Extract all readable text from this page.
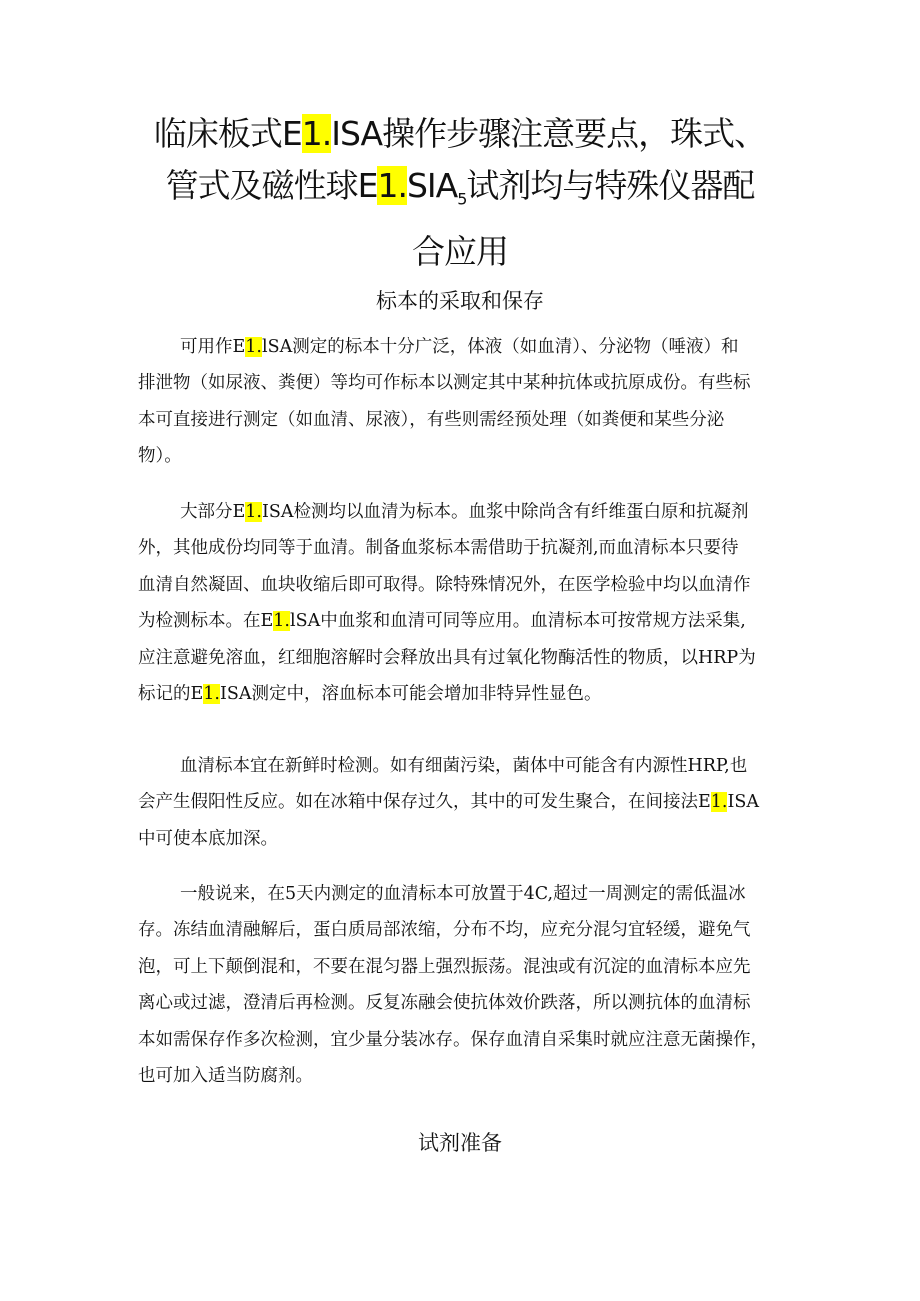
临床板式E1.ISA操作步骤注意要点，珠式、
管式及磁性球$E1.SIA_5$试剂均与特殊仪器配
合应用
标本的采取和保存
可用作E1.lSA测定的标本十分广泛，体液（如血清）、分泌物（唾液）和
排泄物（如尿液、粪便）等均可作标本以测定其中某种抗体或抗原成份。有些标
本可直接进行测定（如血清、尿液），有些则需经预处理（如粪便和某些分泌
物）。
大部分E1.ISA检测均以血清为标本。血浆中除尚含有纤维蛋白原和抗凝剂
外，其他成份均同等于血清。制备血浆标本需借助于抗凝剂,而血清标本只要待
血清自然凝固、血块收缩后即可取得。除特殊情况外，在医学检验中均以血清作
为检测标本。在E1.lSA中血浆和血清可同等应用。血清标本可按常规方法采集,
应注意避免溶血，红细胞溶解时会释放出具有过氧化物酶活性的物质，以HRP为
标记的E1.ISA测定中，溶血标本可能会增加非特异性显色。
血清标本宜在新鲜时检测。如有细菌污染，菌体中可能含有内源性HRP,也
会产生假阳性反应。如在冰箱中保存过久，其中的可发生聚合，在间接法E1.ISA
中可使本底加深。
一般说来，在5天内测定的血清标本可放置于4C,超过一周测定的需低温冰
存。冻结血清融解后，蛋白质局部浓缩，分布不均，应充分混匀宜轻缓，避免气
泡，可上下颠倒混和，不要在混匀器上强烈振荡。混浊或有沉淀的血清标本应先
离心或过滤，澄清后再检测。反复冻融会使抗体效价跌落，所以测抗体的血清标
本如需保存作多次检测，宜少量分装冰存。保存血清自采集时就应注意无菌操作，
也可加入适当防腐剂。
试剂准备
